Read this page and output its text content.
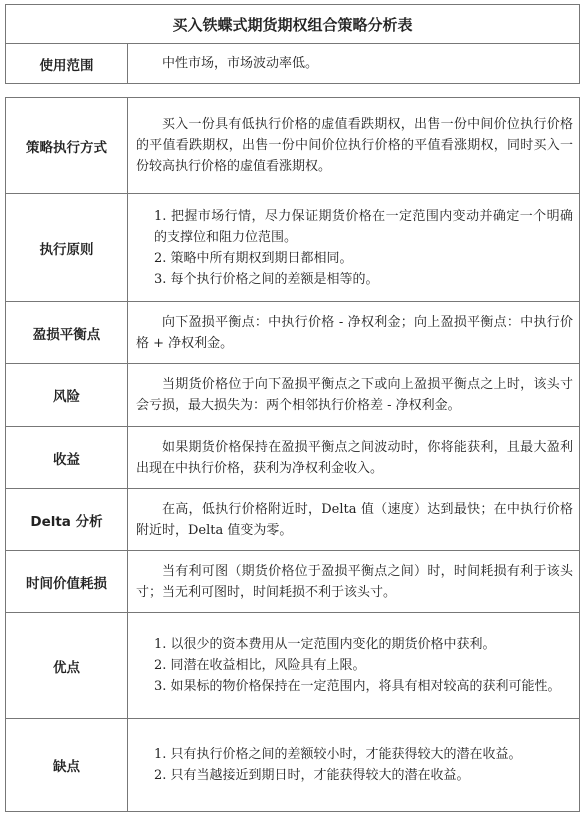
买入铁蝶式期货期权组合策略分析表
使用范围	中性市场，市场波动率低。

策略执行方式	买入一份具有低执行价格的虚值看跌期权，出售一份中间价位执行价格的平值看跌期权，出售一份中间价位执行价格的平值看涨期权，同时买入一份较高执行价格的虚值看涨期权。

执行原则	1. 把握市场行情，尽力保证期货价格在一定范围内变动并确定一个明确的支撑位和阻力位范围。

2. 策略中所有期权到期日都相同。

3. 每个执行价格之间的差额是相等的。

盈损平衡点	向下盈损平衡点：中执行价格 - 净权利金；向上盈损平衡点：中执行价格 + 净权利金。

风险	当期货价格位于向下盈损平衡点之下或向上盈损平衡点之上时，该头寸会亏损，最大损失为：两个相邻执行价格差 - 净权利金。

收益	如果期货价格保持在盈损平衡点之间波动时，你将能获利，且最大盈利出现在中执行价格，获利为净权利金收入。

Delta 分析	在高，低执行价格附近时，Delta 值（速度）达到最快；在中执行价格附近时，Delta 值变为零。

时间价值耗损	当有利可图（期货价格位于盈损平衡点之间）时，时间耗损有利于该头寸；当无利可图时，时间耗损不利于该头寸。

优点	1. 以很少的资本费用从一定范围内变化的期货价格中获利。

2. 同潜在收益相比，风险具有上限。

3. 如果标的物价格保持在一定范围内，将具有相对较高的获利可能性。

缺点	1. 只有执行价格之间的差额较小时，才能获得较大的潜在收益。

2. 只有当越接近到期日时，才能获得较大的潜在收益。
